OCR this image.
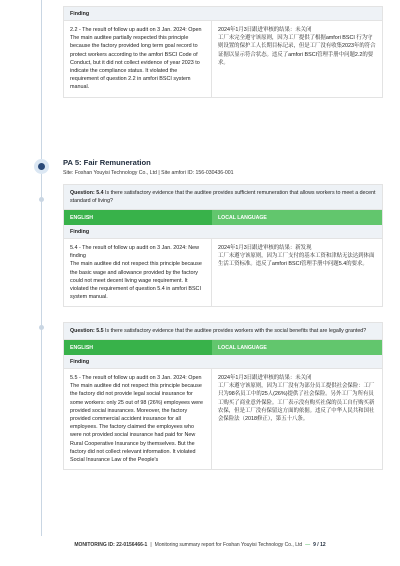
Finding
2.2 - The result of follow up audit on 3 Jan. 2024: Open
The main auditee partially respected this principle because the factory provided long term goal record to protect workers according to the amfori BSCI Code of Conduct, but it did not collect evidence of year 2023 to indicate the compliance status. It violated the requirement of question 2.2 in amfori BSCI system manual.
2024年1月3日跟进审核的结果：未关闭
工厂未完全遵守该原则，因为工厂提供了根据amfori BSCI 行为守则设置的保护工人长期目标记录，但是工厂没有收集2023年的符合证据以显示符合状态。违反了amfori BSCI管理手册中问题2.2的要求。
PA 5: Fair Remuneration
Site: Foshan Youyisi Technology Co., Ltd | Site amfori ID: 156-030436-001
Question: 5.4 Is there satisfactory evidence that the auditee provides sufficient remuneration that allows workers to meet a decent standard of living?
ENGLISH	LOCAL LANGUAGE
Finding
5.4 - The result of follow up audit on 3 Jan. 2024: New finding
The main auditee did not respect this principle because the basic wage and allowance provided by the factory could not meet decent living wage requirement. It violated the requirement of question 5.4 in amfori BSCI system manual.
2024年1月3日跟进审核的结果：新发现
工厂未遵守该原则，因为工厂支付的基本工资和津贴无法达到体面生活工资标准。违反了amfori BSCI管理手册中问题5.4的要求。
Question: 5.5 Is there satisfactory evidence that the auditee provides workers with the social benefits that are legally granted?
ENGLISH	LOCAL LANGUAGE
Finding
5.5 - The result of follow up audit on 3 Jan. 2024: Open
The main auditee did not respect this principle because the factory did not provide legal social insurance for some workers: only 25 out of 98 (26%) employees were provided social insurances. Moreover, the factory provided commercial accident insurance for all employees. The factory claimed the employees who were not provided social insurance had paid for New Rural Cooperative Insurance by themselves. But the factory did not collect relevant information. It violated Social Insurance Law of the People's
2024年1月3日跟进审核的结果：未关闭
工厂未遵守该原则，因为工厂没有为部分员工提供社会保险：工厂只为98名员工中的25人(26%)提供了社会保险。另外工厂为所有员工购买了商业意外保险。工厂表示没有购买社保的员工自行购买新农保，但是工厂没有保留这方面的依据。违反了中华人民共和国社会保险法（2018修正），第五十八条。
MONITORING ID: 22-0156466-1 | Monitoring summary report for Foshan Youyisi Technology Co., Ltd — 9 / 12
